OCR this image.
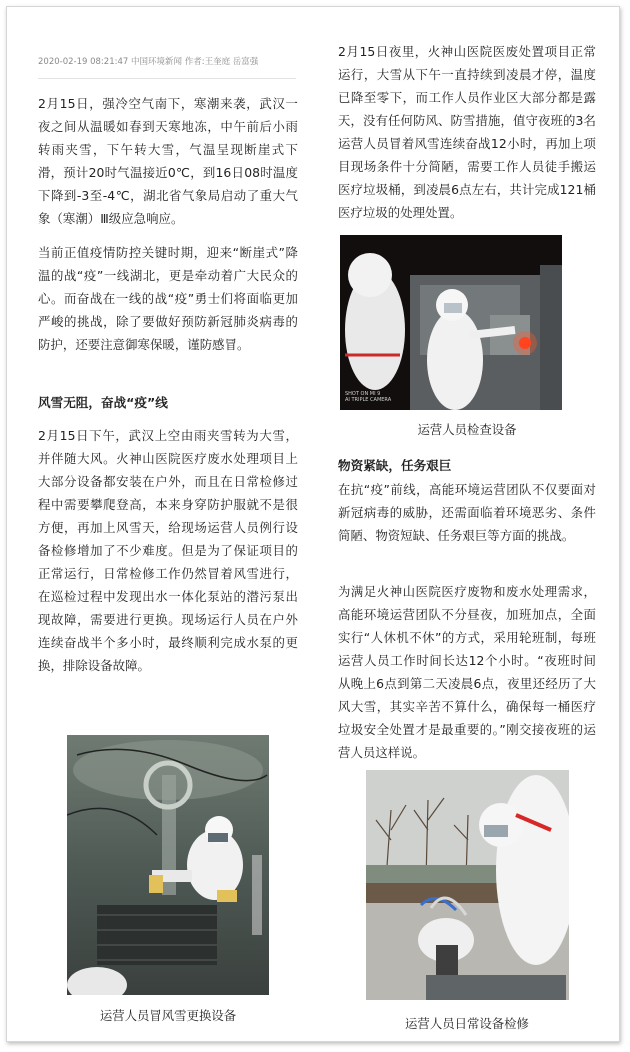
2020-02-19 08:21:47 中国环境新闻 作者:王奎庭 岳富强

2月15日，强冷空气南下，寒潮来袭，武汉一夜之间从温暖如春到天寒地冻，中午前后小雨转雨夹雪，下午转大雪，气温呈现断崖式下滑，预计20时气温接近0℃，到16日08时温度下降到-3至-4℃，湖北省气象局启动了重大气象（寒潮）Ⅲ级应急响应。

当前正值疫情防控关键时期，迎来“断崖式”降温的战“疫”一线湖北，更是牵动着广大民众的心。而奋战在一线的战“疫”勇士们将面临更加严峻的挑战，除了要做好预防新冠肺炎病毒的防护，还要注意御寒保暖，谨防感冒。

风雪无阻，奋战“疫”线

2月15日下午，武汉上空由雨夹雪转为大雪，并伴随大风。火神山医院医疗废水处理项目上大部分设备都安装在户外，而且在日常检修过程中需要攀爬登高，本来身穿防护服就不是很方便，再加上风雪天，给现场运营人员例行设备检修增加了不少难度。但是为了保证项目的正常运行，日常检修工作仍然冒着风雪进行，在巡检过程中发现出水一体化泵站的潜污泵出现故障，需要进行更换。现场运行人员在户外连续奋战半个多小时，最终顺利完成水泵的更换，排除设备故障。

运营人员冒风雪更换设备

2月15日夜里，火神山医院医废处置项目正常运行，大雪从下午一直持续到凌晨才停，温度已降至零下，而工作人员作业区大部分都是露天，没有任何防风、防雪措施，值守夜班的3名运营人员冒着风雪连续奋战12小时，再加上项目现场条件十分简陋，需要工作人员徒手搬运医疗垃圾桶，到凌晨6点左右，共计完成121桶医疗垃圾的处理处置。

SHOT ON MI 9
AI TRIPLE CAMERA

运营人员检查设备

物资紧缺，任务艰巨

在抗“疫”前线，高能环境运营团队不仅要面对新冠病毒的威胁，还需面临着环境恶劣、条件简陋、物资短缺、任务艰巨等方面的挑战。

为满足火神山医院医疗废物和废水处理需求，高能环境运营团队不分昼夜，加班加点，全面实行“人休机不休”的方式，采用轮班制，每班运营人员工作时间长达12个小时。“夜班时间从晚上6点到第二天凌晨6点，夜里还经历了大风大雪，其实辛苦不算什么，确保每一桶医疗垃圾安全处置才是最重要的。”刚交接夜班的运营人员这样说。

运营人员日常设备检修
